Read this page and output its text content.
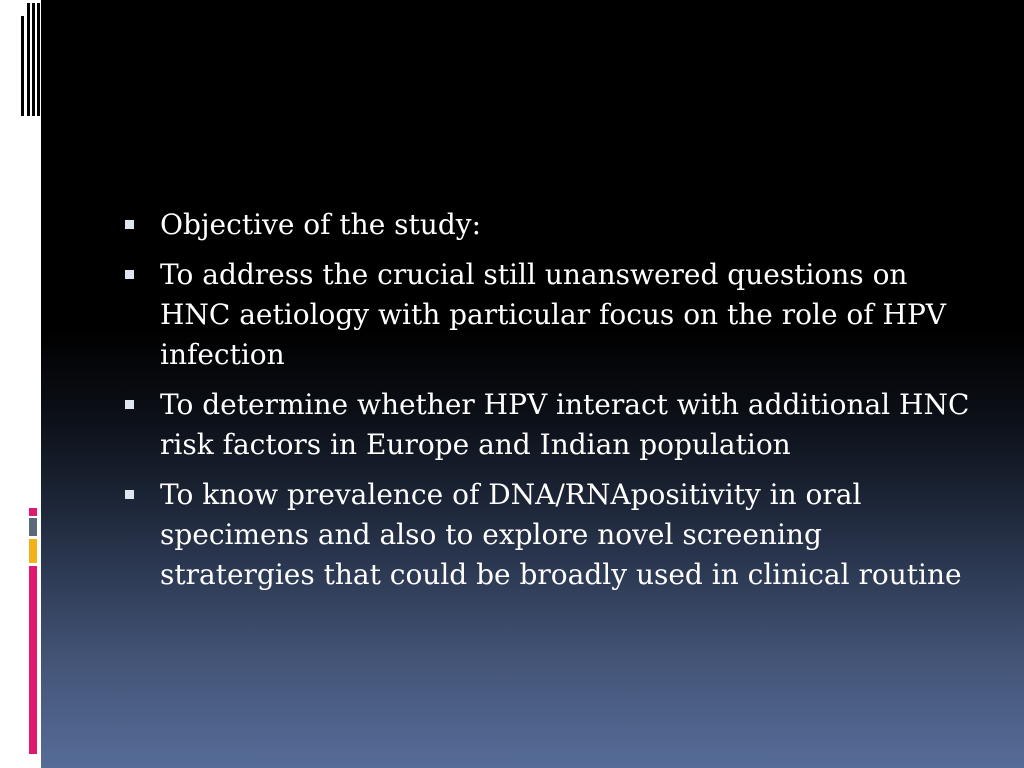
Objective of the study:
To address the crucial still unanswered questions on HNC aetiology with particular focus on the role of HPV infection
To determine whether HPV interact with additional HNC risk factors in Europe and Indian population
To know prevalence of DNA/RNApositivity in oral specimens and also to explore novel screening stratergies that could be broadly used in clinical routine
